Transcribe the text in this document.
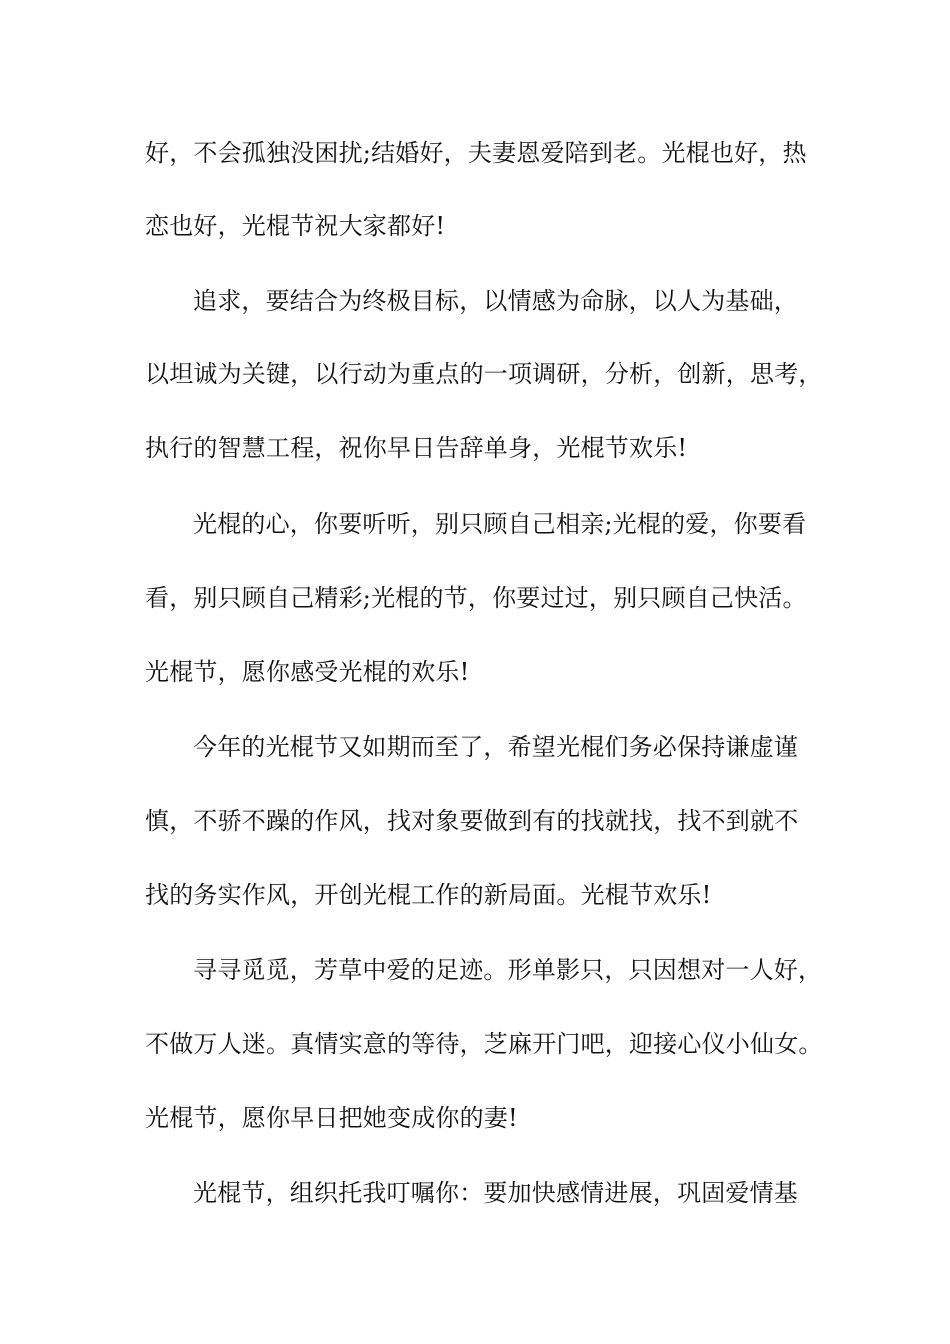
好，不会孤独没困扰;结婚好，夫妻恩爱陪到老。光棍也好，热

恋也好，光棍节祝大家都好!

追求，要结合为终极目标，以情感为命脉，以人为基础，

以坦诚为关键，以行动为重点的一项调研，分析，创新，思考，

执行的智慧工程，祝你早日告辞单身，光棍节欢乐!

光棍的心，你要听听，别只顾自己相亲;光棍的爱，你要看

看，别只顾自己精彩;光棍的节，你要过过，别只顾自己快活。

光棍节，愿你感受光棍的欢乐!

今年的光棍节又如期而至了，希望光棍们务必保持谦虚谨

慎，不骄不躁的作风，找对象要做到有的找就找，找不到就不

找的务实作风，开创光棍工作的新局面。光棍节欢乐!

寻寻觅觅，芳草中爱的足迹。形单影只，只因想对一人好，

不做万人迷。真情实意的等待，芝麻开门吧，迎接心仪小仙女。

光棍节，愿你早日把她变成你的妻!

光棍节，组织托我叮嘱你：要加快感情进展，巩固爱情基
